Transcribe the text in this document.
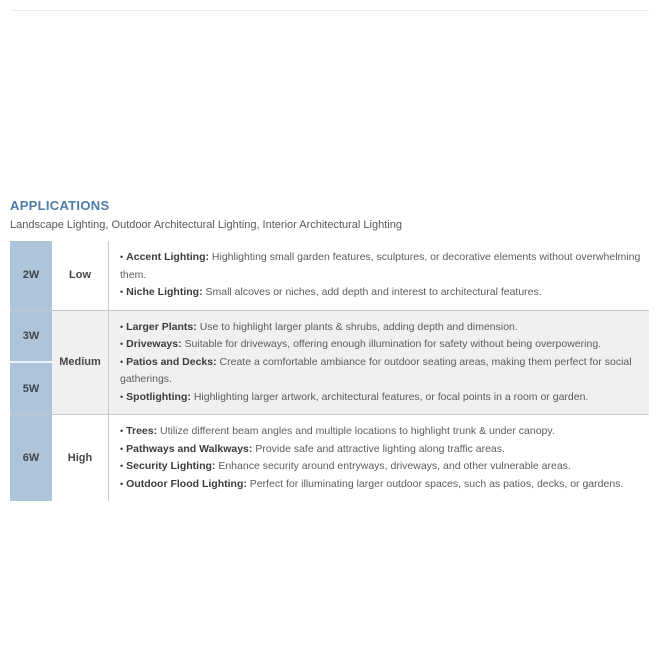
APPLICATIONS

Landscape Lighting, Outdoor Architectural Lighting, Interior Architectural Lighting

2W	Low
• Accent Lighting: Highlighting small garden features, sculptures, or decorative elements without overwhelming them.
• Niche Lighting: Small alcoves or niches, add depth and interest to architectural features.
3W
5W
Medium
• Larger Plants: Use to highlight larger plants & shrubs, adding depth and dimension.
• Driveways: Suitable for driveways, offering enough illumination for safety without being overpowering.
• Patios and Decks: Create a comfortable ambiance for outdoor seating areas, making them perfect for social gatherings.
• Spotlighting: Highlighting larger artwork, architectural features, or focal points in a room or garden.
6W	High
• Trees: Utilize different beam angles and multiple locations to highlight trunk & under canopy.
• Pathways and Walkways: Provide safe and attractive lighting along traffic areas.
• Security Lighting: Enhance security around entryways, driveways, and other vulnerable areas.
• Outdoor Flood Lighting: Perfect for illuminating larger outdoor spaces, such as patios, decks, or gardens.
